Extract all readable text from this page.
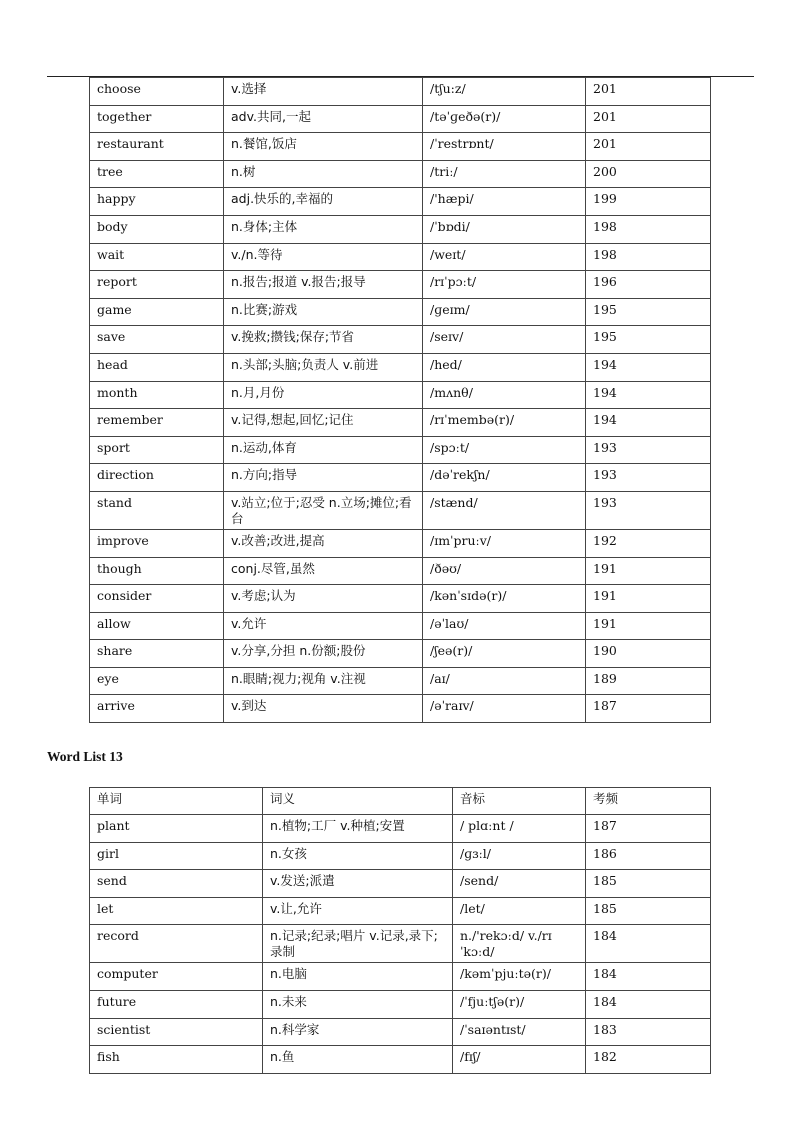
choose	v.选择	/tʃu:z/	201
together	adv.共同,一起	/təˈɡeðə(r)/	201
restaurant	n.餐馆,饭店	/ˈrestrɒnt/	201
tree	n.树	/triː/	200
happy	adj.快乐的,幸福的	/'hæpi/	199
body	n.身体;主体	/ˈbɒdi/	198
wait	v./n.等待	/weɪt/	198
report	n.报告;报道 v.报告;报导	/rɪˈpɔːt/	196
game	n.比赛;游戏	/ɡeɪm/	195
save	v.挽救;攒钱;保存;节省	/seɪv/	195
head	n.头部;头脑;负责人 v.前进	/hed/	194
month	n.月,月份	/mʌnθ/	194
remember	v.记得,想起,回忆;记住	/rɪˈmembə(r)/	194
sport	n.运动,体育	/spɔːt/	193
direction	n.方向;指导	/dəˈrekʃn/	193
stand	v.站立;位于;忍受 n.立场;摊位;看台	/stænd/	193
improve	v.改善;改进,提高	/ɪmˈpruːv/	192
though	conj.尽管,虽然	/ðəʊ/	191
consider	v.考虑;认为	/kənˈsɪdə(r)/	191
allow	v.允许	/əˈlaʊ/	191
share	v.分享,分担 n.份额;股份	/ʃeə(r)/	190
eye	n.眼睛;视力;视角 v.注视	/aɪ/	189
arrive	v.到达	/əˈraɪv/	187
Word List 13
单词	词义	音标	考频
plant	n.植物;工厂 v.种植;安置	/ plɑːnt /	187
girl	n.女孩	/ɡɜːl/	186
send	v.发送;派遣	/send/	185
let	v.让,允许	/let/	185
record	n.记录;纪录;唱片 v.记录,录下;录制	n./'rekɔːd/ v./rɪˈkɔːd/	184
computer	n.电脑	/kəmˈpjuːtə(r)/	184
future	n.未来	/ˈfjuːtʃə(r)/	184
scientist	n.科学家	/ˈsaɪəntɪst/	183
fish	n.鱼	/fɪʃ/	182
